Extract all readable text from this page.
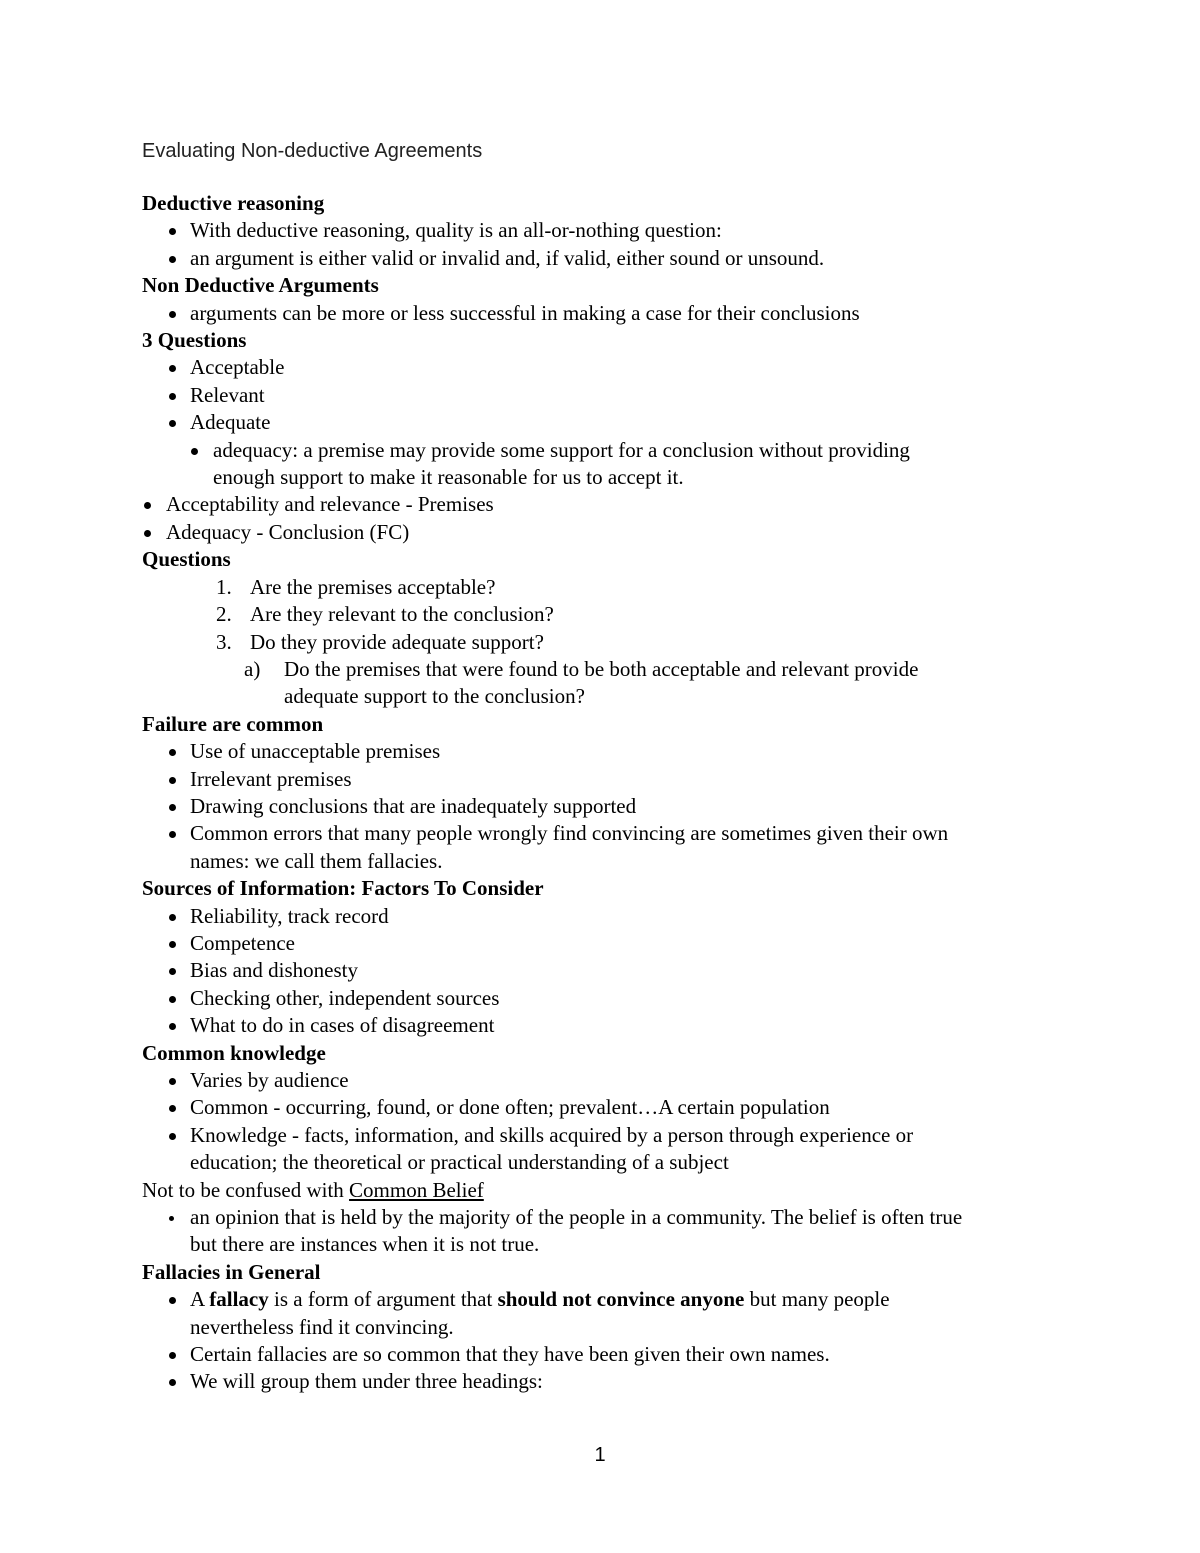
Evaluating Non-deductive Agreements
Deductive reasoning
With deductive reasoning, quality is an all-or-nothing question:
an argument is either valid or invalid and, if valid, either sound or unsound.
Non Deductive Arguments
arguments can be more or less successful in making a case for their conclusions
3 Questions
Acceptable
Relevant
Adequate
adequacy: a premise may provide some support for a conclusion without providing
enough support to make it reasonable for us to accept it.
Acceptability and relevance - Premises
Adequacy - Conclusion (FC)
Questions
1. Are the premises acceptable?
2. Are they relevant to the conclusion?
3. Do they provide adequate support?
a) Do the premises that were found to be both acceptable and relevant provide
adequate support to the conclusion?
Failure are common
Use of unacceptable premises
Irrelevant premises
Drawing conclusions that are inadequately supported
Common errors that many people wrongly find convincing are sometimes given their own
names: we call them fallacies.
Sources of Information: Factors To Consider
Reliability, track record
Competence
Bias and dishonesty
Checking other, independent sources
What to do in cases of disagreement
Common knowledge
Varies by audience
Common - occurring, found, or done often; prevalent…A certain population
Knowledge - facts, information, and skills acquired by a person through experience or
education; the theoretical or practical understanding of a subject
Not to be confused with Common Belief
an opinion that is held by the majority of the people in a community. The belief is often true
but there are instances when it is not true.
Fallacies in General
A fallacy is a form of argument that should not convince anyone but many people
nevertheless find it convincing.
Certain fallacies are so common that they have been given their own names.
We will group them under three headings:
1
